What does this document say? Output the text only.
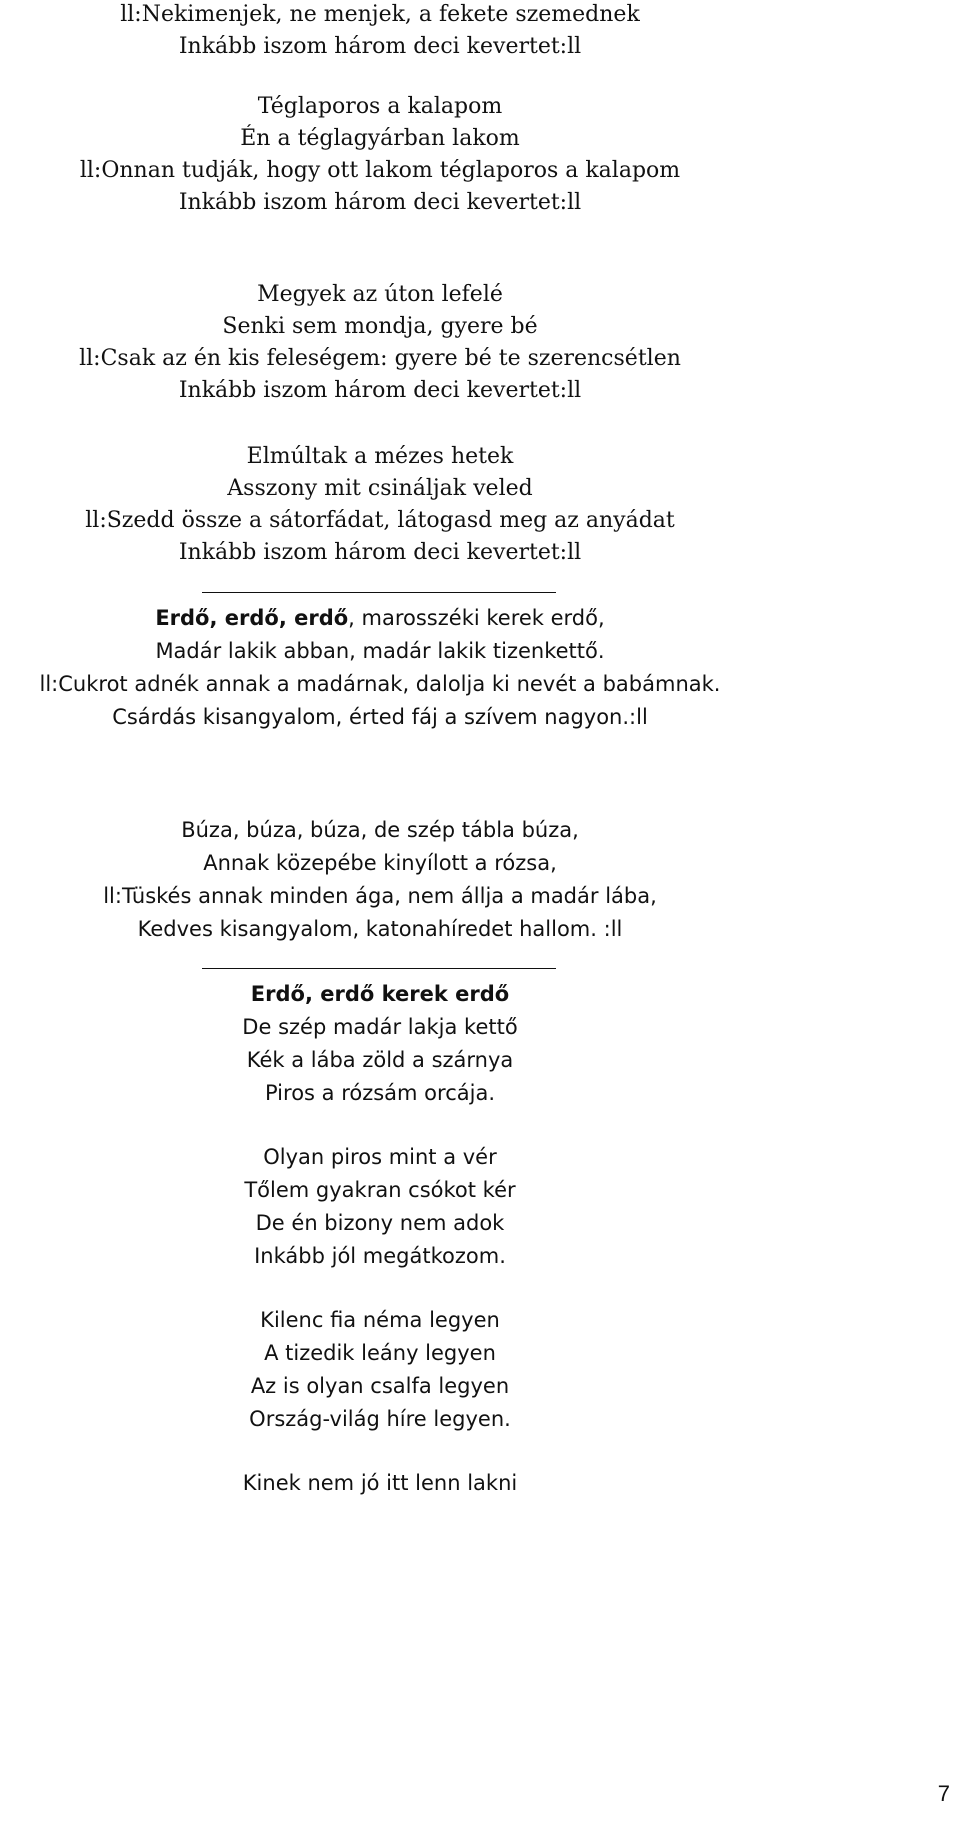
ll:Nekimenjek, ne menjek, a fekete szemednek
Inkább iszom három deci kevertet:ll
Téglaporos a kalapom
Én a téglagyárban lakom
ll:Onnan tudják, hogy ott lakom téglaporos a kalapom
Inkább iszom három deci kevertet:ll
Megyek az úton lefelé
Senki sem mondja, gyere bé
ll:Csak az én kis feleségem: gyere bé te szerencsétlen
Inkább iszom három deci kevertet:ll
Elmúltak a mézes hetek
Asszony mit csináljak veled
ll:Szedd össze a sátorfádat, látogasd meg az anyádat
Inkább iszom három deci kevertet:ll
Erdő, erdő, erdő, marosszéki kerek erdő,
Madár lakik abban, madár lakik tizenkettő.
ll:Cukrot adnék annak a madárnak, dalolja ki nevét a babámnak.
Csárdás kisangyalom, érted fáj a szívem nagyon.:ll
Búza, búza, búza, de szép tábla búza,
Annak közepébe kinyílott a rózsa,
ll:Tüskés annak minden ága, nem állja a madár lába,
Kedves kisangyalom, katonahíredet hallom. :ll
Erdő, erdő kerek erdő
De szép madár lakja kettő
Kék a lába zöld a szárnya
Piros a rózsám orcája.
Olyan piros mint a vér
Tőlem gyakran csókot kér
De én bizony nem adok
Inkább jól megátkozom.
Kilenc fia néma legyen
A tizedik leány legyen
Az is olyan csalfa legyen
Ország-világ híre legyen.
Kinek nem jó itt lenn lakni
7
